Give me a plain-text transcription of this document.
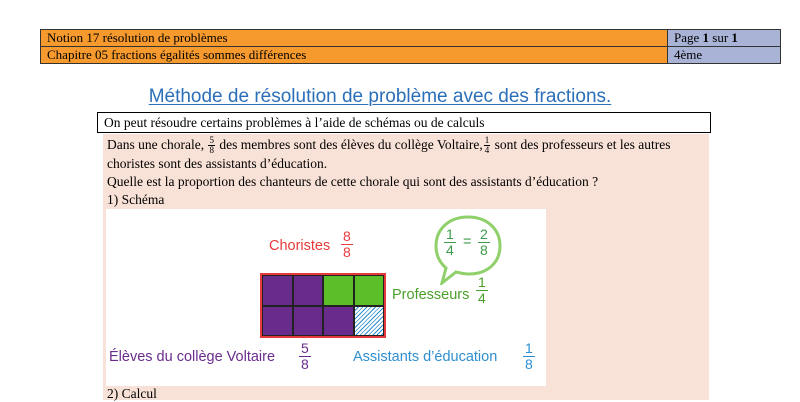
Notion 17 résolution de problèmes	Page 1 sur 1
Chapitre 05 fractions égalités sommes différences	4ème
Méthode de résolution de problème avec des fractions.
On peut résoudre certains problèmes à l’aide de schémas ou de calculs
Dans une chorale, $\frac{5}{8}$ des membres sont des élèves du collège Voltaire, $\frac{1}{4}$ sont des professeurs et les autres choristes sont des assistants d’éducation.
Quelle est la proportion des chanteurs de cette chorale qui sont des assistants d’éducation ?
1) Schéma
Choristes $\frac{8}{8}$
Professeurs $\frac{1}{4}$
Élèves du collège Voltaire $\frac{5}{8}$	Assistants d’éducation $\frac{1}{8}$
$\frac{1}{4} = \frac{2}{8}$
2) Calcul
